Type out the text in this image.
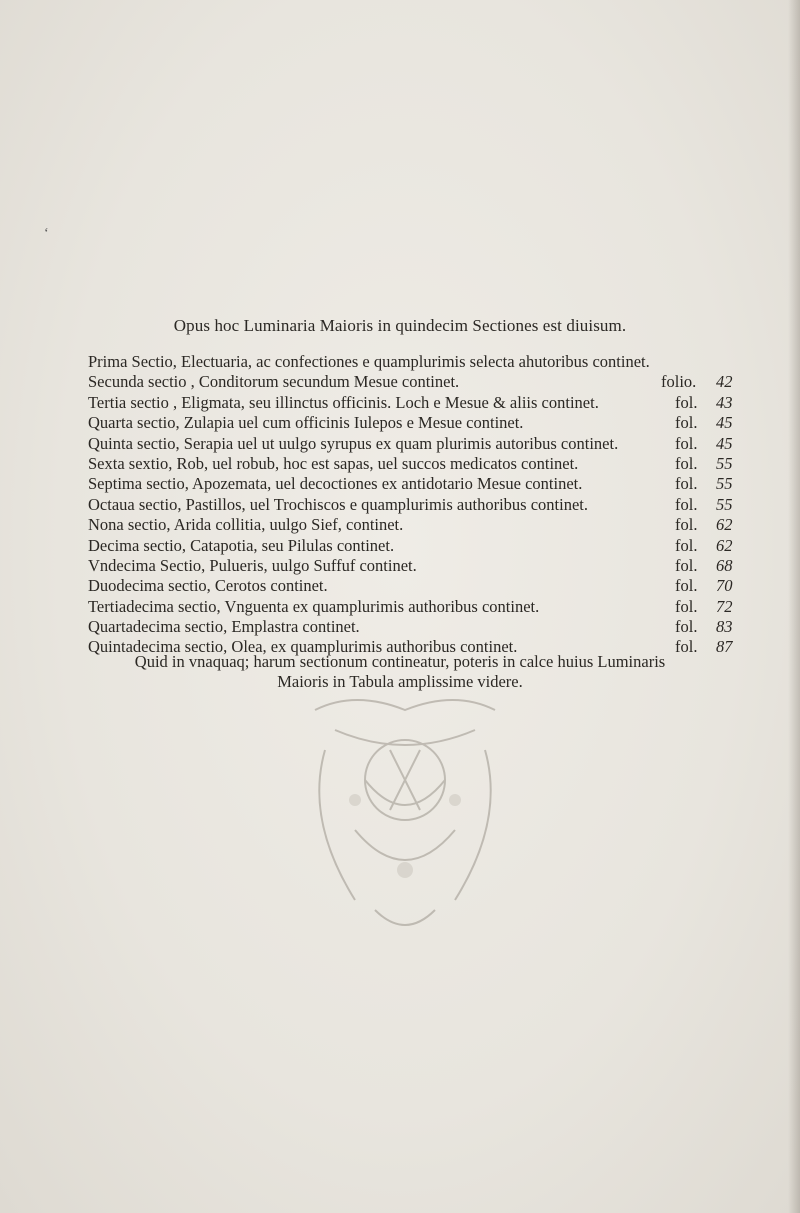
‘
Opus hoc Luminaria Maioris in quindecim Sectiones est diuisum.
Prima Sectio, Electuaria, ac confectiones e quamplurimis selecta ahutoribus continet.
Secunda sectio , Conditorum secundum Mesue continet.	folio. 42
Tertia sectio , Eligmata, seu illinctus officinis. Loch e Mesue & aliis continet.	fol. 43
Quarta sectio, Zulapia uel cum officinis Iulepos e Mesue continet.	fol. 45
Quinta sectio, Serapia uel ut uulgo syrupus ex quam plurimis autoribus continet.	fol. 45
Sexta sextio, Rob, uel robub, hoc est sapas, uel succos medicatos continet.	fol. 55
Septima sectio, Apozemata, uel decoctiones ex antidotario Mesue continet.	fol. 55
Octaua sectio, Pastillos, uel Trochiscos e quamplurimis authoribus continet.	fol. 55
Nona sectio, Arida collitia, uulgo Sief, continet.	fol. 62
Decima sectio, Catapotia, seu Pilulas continet.	fol. 62
Vndecima Sectio, Pulueris, uulgo Suffuf continet.	fol. 68
Duodecima sectio, Cerotos continet.	fol. 70
Tertiadecima sectio, Vnguenta ex quamplurimis authoribus continet.	fol. 72
Quartadecima sectio, Emplastra continet.	fol. 83
Quintadecima sectio, Olea, ex quamplurimis authoribus continet.	fol. 87
Quid in vnaquaq; harum sectionum contineatur, poteris in calce huius Luminaris
Maioris in Tabula amplissime videre.
